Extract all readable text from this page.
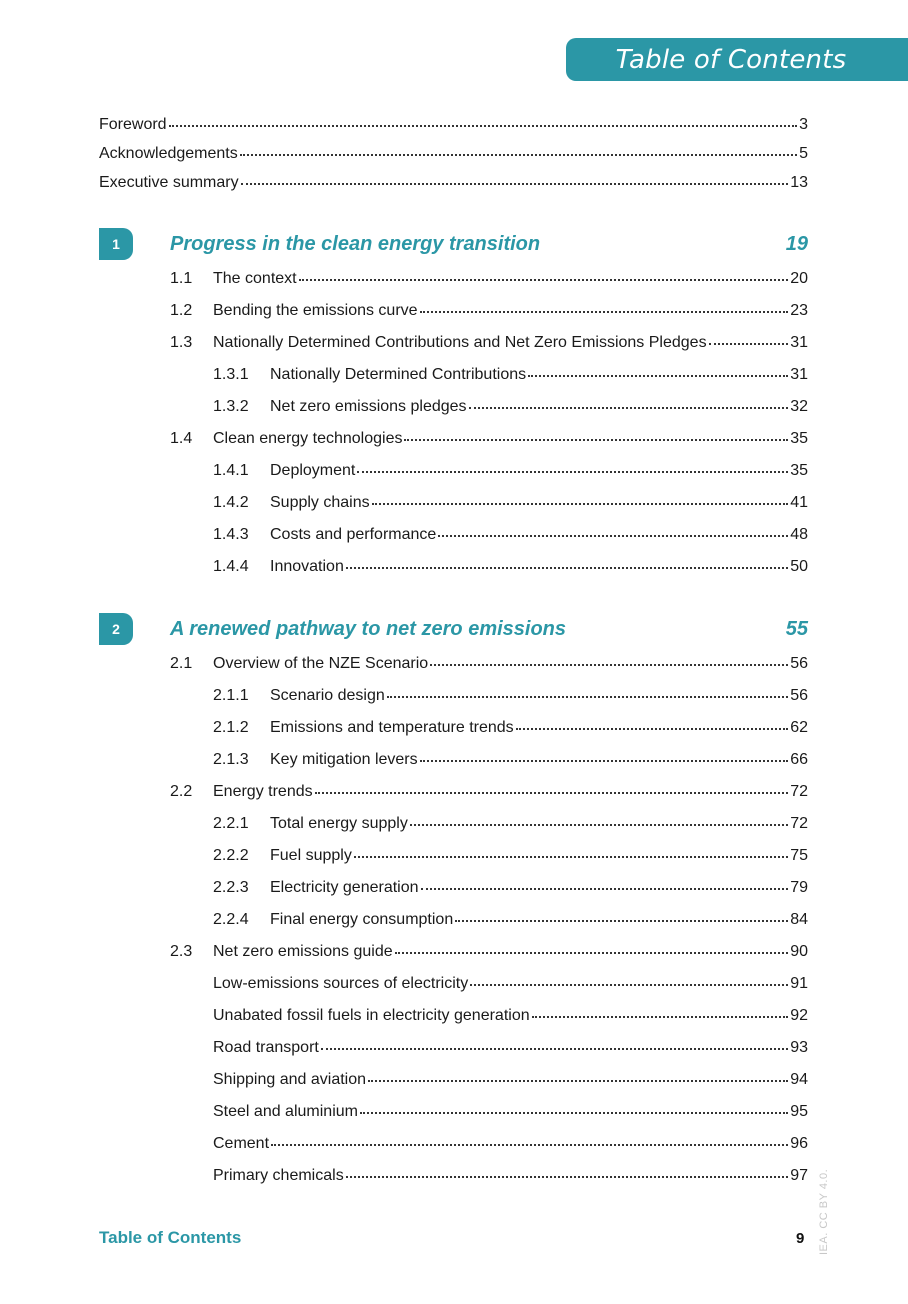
Table of Contents
Foreword	3
Acknowledgements	5
Executive summary	13
1	Progress in the clean energy transition	19
1.1	The context	20
1.2	Bending the emissions curve	23
1.3	Nationally Determined Contributions and Net Zero Emissions Pledges	31
1.3.1	Nationally Determined Contributions	31
1.3.2	Net zero emissions pledges	32
1.4	Clean energy technologies	35
1.4.1	Deployment	35
1.4.2	Supply chains	41
1.4.3	Costs and performance	48
1.4.4	Innovation	50
2	A renewed pathway to net zero emissions	55
2.1	Overview of the NZE Scenario	56
2.1.1	Scenario design	56
2.1.2	Emissions and temperature trends	62
2.1.3	Key mitigation levers	66
2.2	Energy trends	72
2.2.1	Total energy supply	72
2.2.2	Fuel supply	75
2.2.3	Electricity generation	79
2.2.4	Final energy consumption	84
2.3	Net zero emissions guide	90
Low-emissions sources of electricity	91
Unabated fossil fuels in electricity generation	92
Road transport	93
Shipping and aviation	94
Steel and aluminium	95
Cement	96
Primary chemicals	97
Table of Contents	9 IEA. CC BY 4.0.
